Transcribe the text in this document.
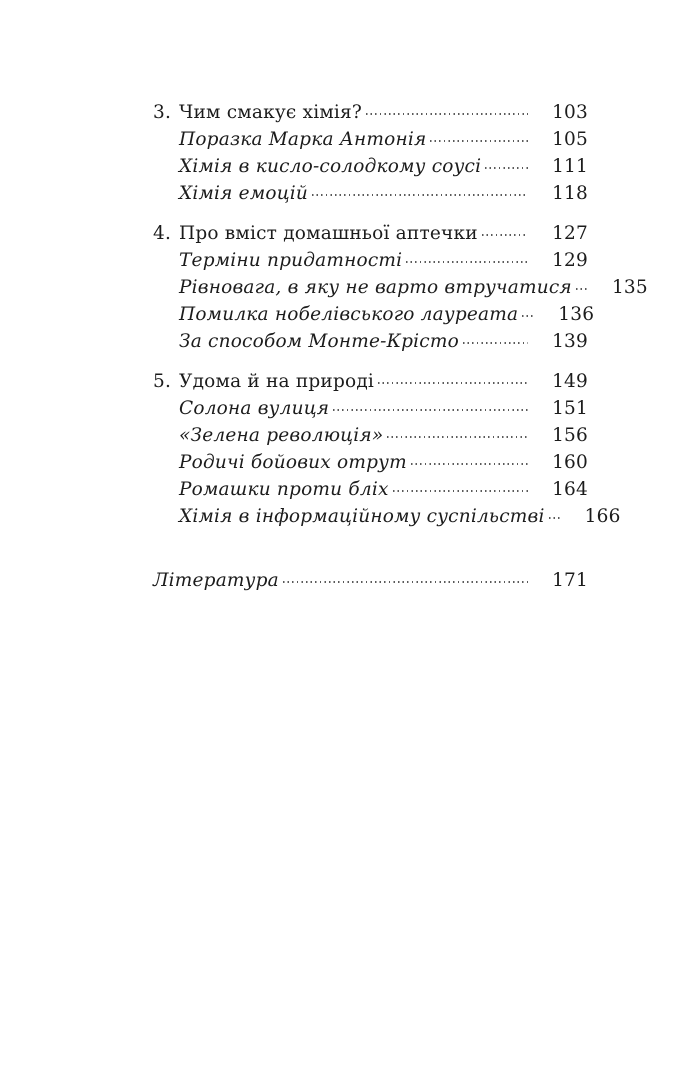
3. Чим смакує хімія?	103
Поразка Марка Антонія	105
Хімія в кисло-солодкому соусі	111
Хімія емоцій	118
4. Про вміст домашньої аптечки	127
Терміни придатності	129
Рівновага, в яку не варто втручатися 135
Помилка нобелівського лауреата 136
За способом Монте-Крісто	139
5. Удома й на природі	149
Солона вулиця	151
«Зелена революція»	156
Родичі бойових отрут	160
Ромашки проти бліх	164
Хімія в інформаційному суспільстві 166
Література	171
